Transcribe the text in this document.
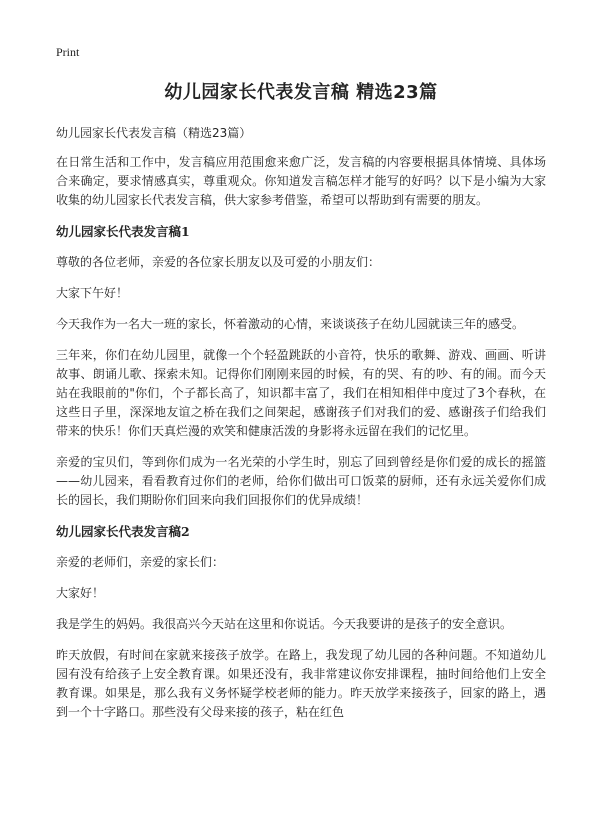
Print
幼儿园家长代表发言稿 精选23篇
幼儿园家长代表发言稿（精选23篇）

在日常生活和工作中，发言稿应用范围愈来愈广泛，发言稿的内容要根据具体情境、具体场合来确定，要求情感真实，尊重观众。你知道发言稿怎样才能写的好吗？以下是小编为大家收集的幼儿园家长代表发言稿，供大家参考借鉴，希望可以帮助到有需要的朋友。

幼儿园家长代表发言稿1

尊敬的各位老师，亲爱的各位家长朋友以及可爱的小朋友们：

大家下午好！

今天我作为一名大一班的家长，怀着激动的心情，来谈谈孩子在幼儿园就读三年的感受。

三年来，你们在幼儿园里，就像一个个轻盈跳跃的小音符，快乐的歌舞、游戏、画画、听讲故事、朗诵儿歌、探索未知。记得你们刚刚来园的时候，有的哭、有的吵、有的闹。而今天站在我眼前的"你们，个子都长高了，知识都丰富了，我们在相知相伴中度过了3个春秋，在这些日子里，深深地友谊之桥在我们之间架起，感谢孩子们对我们的爱、感谢孩子们给我们带来的快乐！你们天真烂漫的欢笑和健康活泼的身影将永远留在我们的记忆里。

亲爱的宝贝们，等到你们成为一名光荣的小学生时，别忘了回到曾经是你们爱的成长的摇篮——幼儿园来，看看教育过你们的老师，给你们做出可口饭菜的厨师，还有永远关爱你们成长的园长，我们期盼你们回来向我们回报你们的优异成绩！

幼儿园家长代表发言稿2

亲爱的老师们，亲爱的家长们：

大家好！

我是学生的妈妈。我很高兴今天站在这里和你说话。今天我要讲的是孩子的安全意识。

昨天放假，有时间在家就来接孩子放学。在路上，我发现了幼儿园的各种问题。不知道幼儿园有没有给孩子上安全教育课。如果还没有，我非常建议你安排课程，抽时间给他们上安全教育课。如果是，那么我有义务怀疑学校老师的能力。昨天放学来接孩子，回家的路上，遇到一个十字路口。那些没有父母来接的孩子，粘在红色
